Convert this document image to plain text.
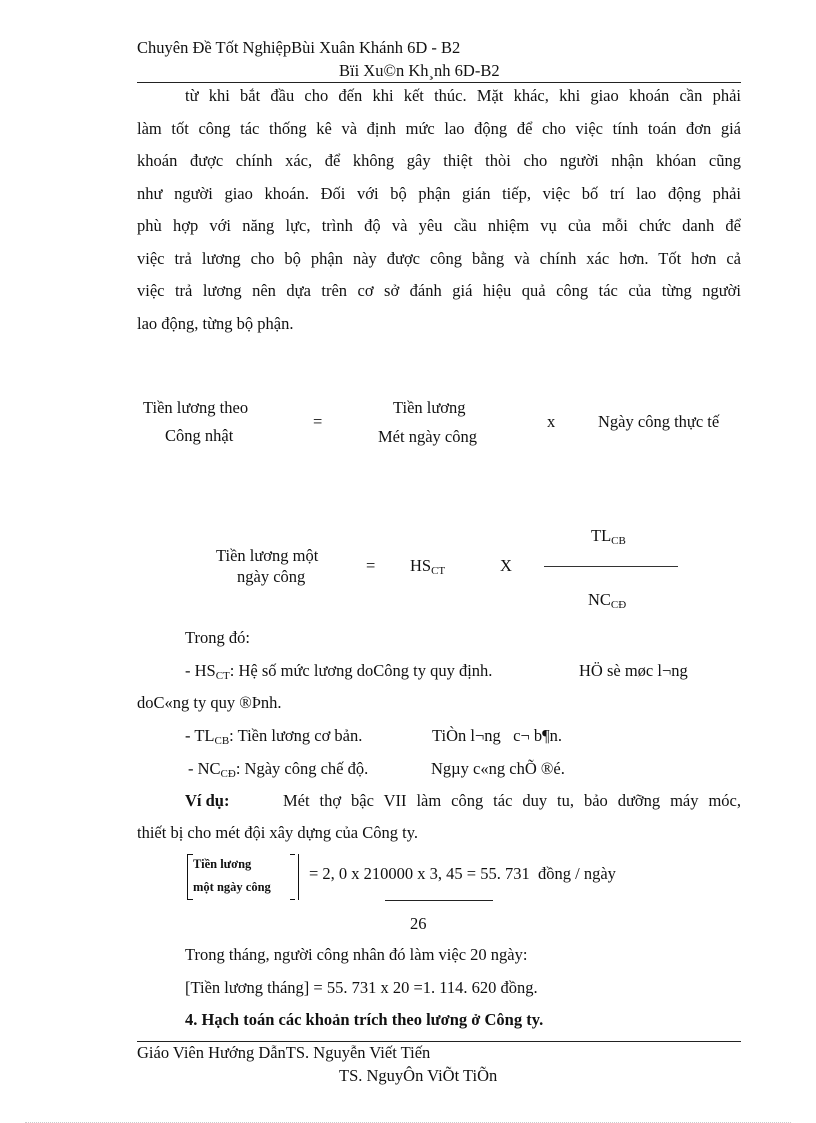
Chuyên Đề Tốt NghiệpBùi Xuân Khánh 6D - B2
Bïi Xu©n Kh¸nh 6D-B2
từ khi bắt đầu cho đến khi kết thúc. Mặt khác, khi giao khoán cần phải
làm tốt công tác thống kê và định mức lao động để cho việc tính toán đơn giá
khoán được chính xác, để không gây thiệt thòi cho người nhận khóan cũng
như người giao khoán. Đối với bộ phận gián tiếp, việc bố trí lao động phải
phù hợp với năng lực, trình độ và yêu cầu nhiệm vụ của mỗi chức danh để
việc trả lương cho bộ phận này được công bằng và chính xác hơn. Tốt hơn cả
việc trả lương nên dựa trên cơ sở đánh giá hiệu quả công tác của từng người
lao động, từng bộ phận.
Tiền lương theo
Công nhật
=
Tiền lương
Mét ngày công
x	Ngày công thực tế
Tiền lương một
ngày công
= $HS_{CT}$	X
$TL_{CB}$
$NC_{CĐ}$
Trong đó:
- $HS_{CT}$: Hệ số mức lương doCông ty quy định.	HÖ sè møc l¬ng
doC«ng ty quy ®Þnh.
- $TL_{CB}$: Tiền lương cơ bản.	TiÒn l¬ng   c¬ b¶n.
- $NC_{CĐ}$: Ngày công chế độ.	Ngµy c«ng chÕ ®é.
Ví dụ:	Mét thợ bậc VII làm công tác duy tu, bảo dưỡng máy móc,
thiết bị cho mét đội xây dựng của Công ty.
Tiền lương
một ngày công
= 2, 0 x 210000 x 3, 45 = 55. 731  đồng / ngày
26
Trong tháng, người công nhân đó làm việc 20 ngày:
[Tiền lương tháng] = 55. 731 x 20 =1. 114. 620 đồng.
4. Hạch toán các khoản trích theo lương ở Công ty.
Giáo Viên Hướng DẫnTS. Nguyễn Viết Tiến
TS. NguyÔn ViÕt TiÕn
